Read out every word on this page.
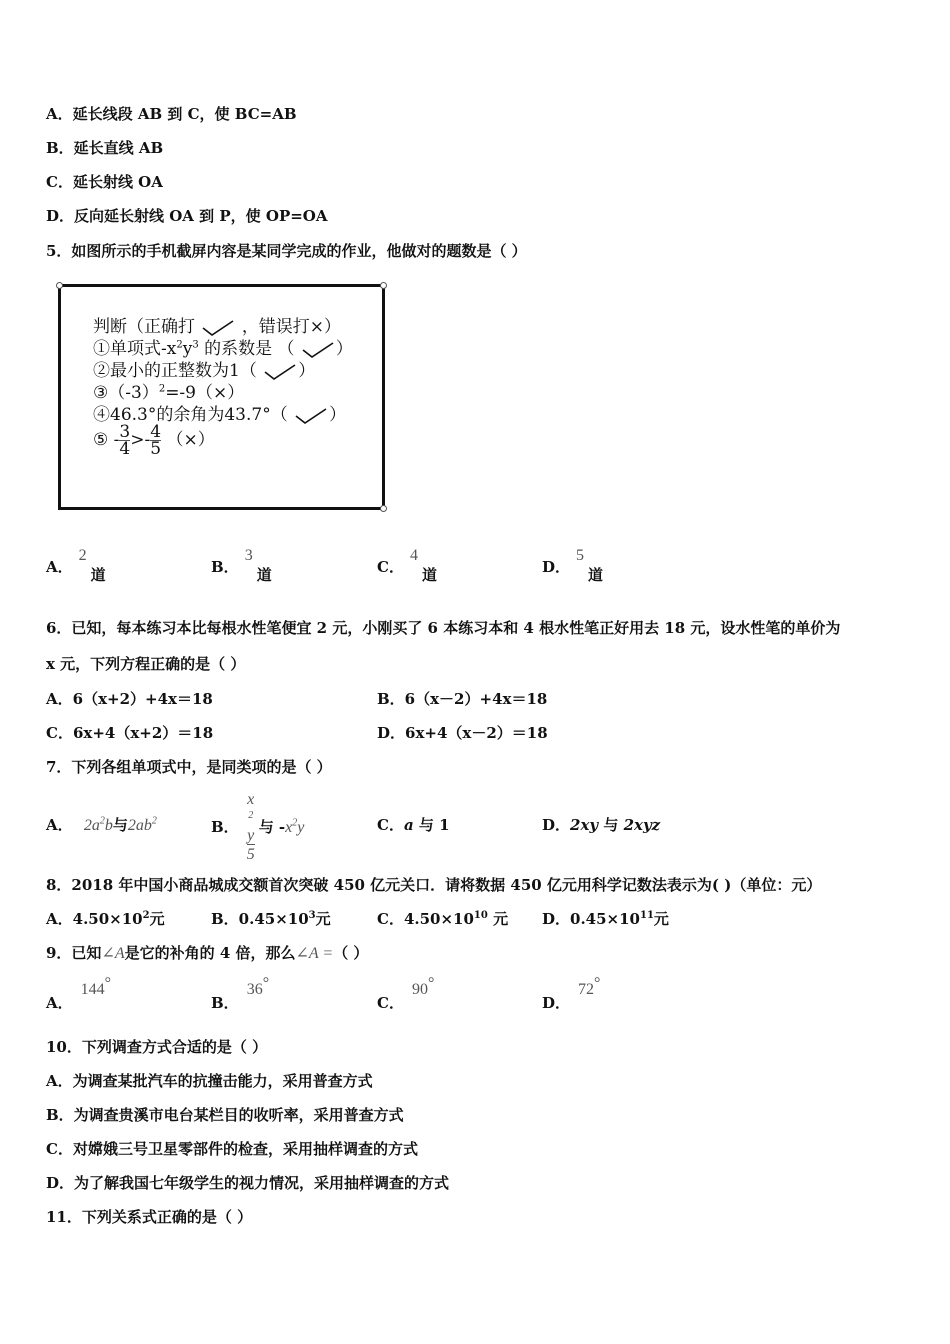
A．延长线段 AB 到 C，使 BC=AB
B．延长直线 AB
C．延长射线 OA
D．反向延长射线 OA 到 P，使 OP=OA
5．如图所示的手机截屏内容是某同学完成的作业，他做对的题数是（ ）
判断（正确打	，错误打×）
①单项式$-x^2y^3$ 的系数是 （ ）
②最小的正整数为1（ ）
$③(-3)^2=-9(\times)$
④46.3°的余角为43.7°（ ）
⑤ - $\frac{3}{4} >- \frac{4}{5}$ （×）
A．2道	B．3道	C．4道	D．5道
6．已知，每本练习本比每根水性笔便宜 2 元，小刚买了 6 本练习本和 4 根水性笔正好用去 18 元，设水性笔的单价为
x 元，下列方程正确的是（ ）
A．6（x+2）+4x＝18	B．6（x－2）+4x＝18
C．6x+4（x+2）＝18	D．6x+4（x－2）＝18
7．下列各组单项式中，是同类项的是（ ）
A． $2a^2b$与$2ab^2$	B． x
$^2$
y
5 与 $-x^2y$	C．a 与 1	D．2xy 与 2xyz
8．2018 年中国小商品城成交额首次突破 450 亿元关口．请将数据 450 亿元用科学记数法表示为( )（单位：元）
A．$4.50\times 10^2$元	B．$0.45\times 10^3$元	C．$4.50\times 10^{10}$ 元 D．$0.45\times 10^{11}$元
9．已知∠A是它的补角的 4 倍，那么∠A =（ ）
A．144°
B．36°
C．90°
D．72°
10．下列调查方式合适的是（ ）
A．为调查某批汽车的抗撞击能力，采用普查方式
B．为调查贵溪市电台某栏目的收听率，采用普查方式
C．对嫦娥三号卫星零部件的检查，采用抽样调查的方式
D．为了解我国七年级学生的视力情况，采用抽样调查的方式
11．下列关系式正确的是（ ）
